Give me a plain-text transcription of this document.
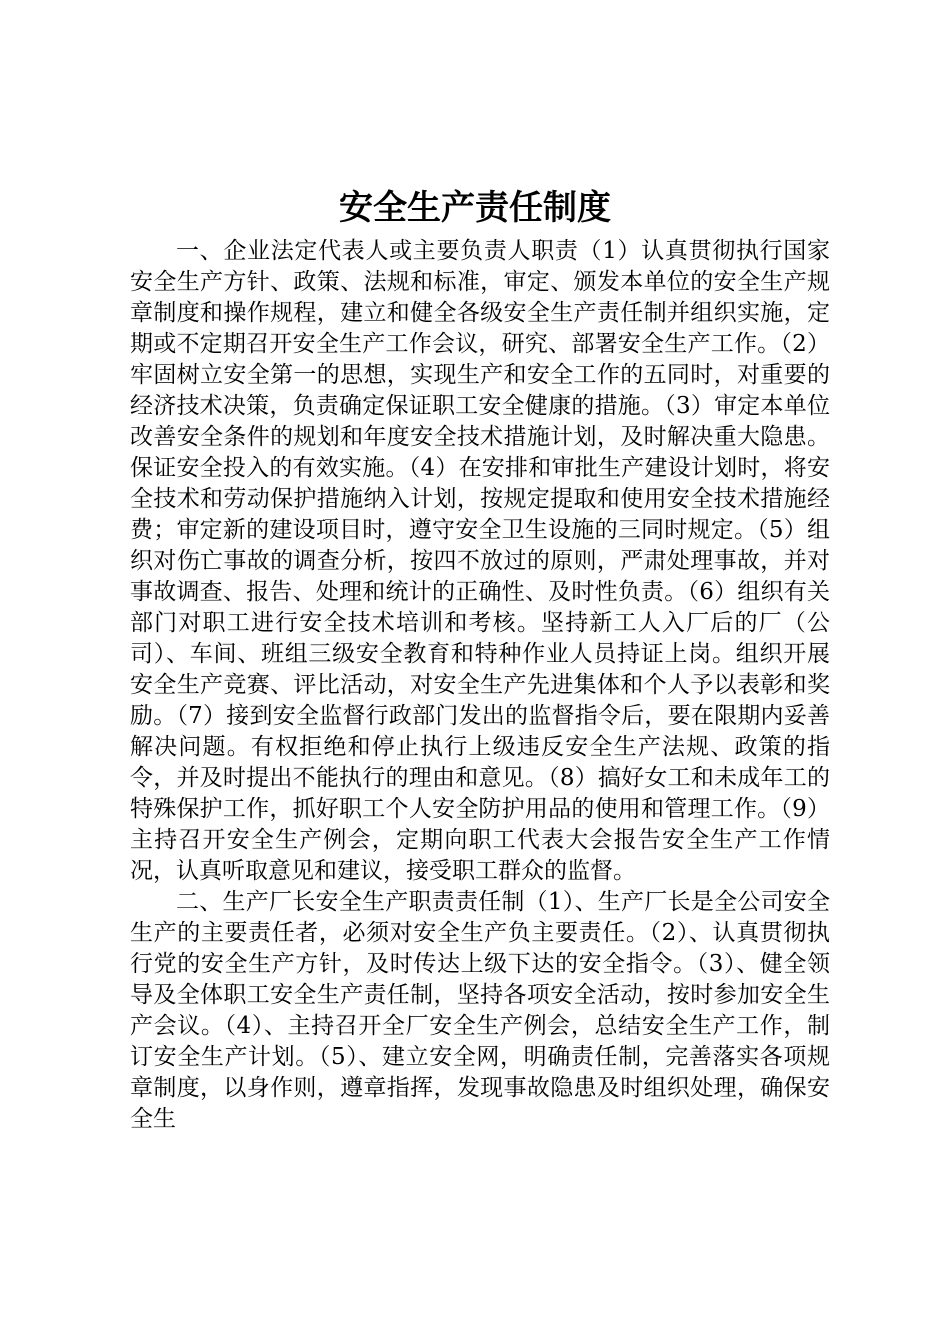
安全生产责任制度

一、企业法定代表人或主要负责人职责（1）认真贯彻执行国家安全生产方针、政策、法规和标准，审定、颁发本单位的安全生产规章制度和操作规程，建立和健全各级安全生产责任制并组织实施，定期或不定期召开安全生产工作会议，研究、部署安全生产工作。（2）牢固树立安全第一的思想，实现生产和安全工作的五同时，对重要的经济技术决策，负责确定保证职工安全健康的措施。（3）审定本单位改善安全条件的规划和年度安全技术措施计划，及时解决重大隐患。保证安全投入的有效实施。（4）在安排和审批生产建设计划时，将安全技术和劳动保护措施纳入计划，按规定提取和使用安全技术措施经费；审定新的建设项目时，遵守安全卫生设施的三同时规定。（5）组织对伤亡事故的调查分析，按四不放过的原则，严肃处理事故，并对事故调查、报告、处理和统计的正确性、及时性负责。（6）组织有关部门对职工进行安全技术培训和考核。坚持新工人入厂后的厂（公司）、车间、班组三级安全教育和特种作业人员持证上岗。组织开展安全生产竞赛、评比活动，对安全生产先进集体和个人予以表彰和奖励。（7）接到安全监督行政部门发出的监督指令后，要在限期内妥善解决问题。有权拒绝和停止执行上级违反安全生产法规、政策的指令，并及时提出不能执行的理由和意见。（8）搞好女工和未成年工的特殊保护工作，抓好职工个人安全防护用品的使用和管理工作。（9）主持召开安全生产例会，定期向职工代表大会报告安全生产工作情况，认真听取意见和建议，接受职工群众的监督。

二、生产厂长安全生产职责责任制（1）、生产厂长是全公司安全生产的主要责任者，必须对安全生产负主要责任。（2）、认真贯彻执行党的安全生产方针，及时传达上级下达的安全指令。（3）、健全领导及全体职工安全生产责任制，坚持各项安全活动，按时参加安全生产会议。（4）、主持召开全厂安全生产例会，总结安全生产工作，制订安全生产计划。（5）、建立安全网，明确责任制，完善落实各项规章制度，以身作则，遵章指挥，发现事故隐患及时组织处理，确保安全生
